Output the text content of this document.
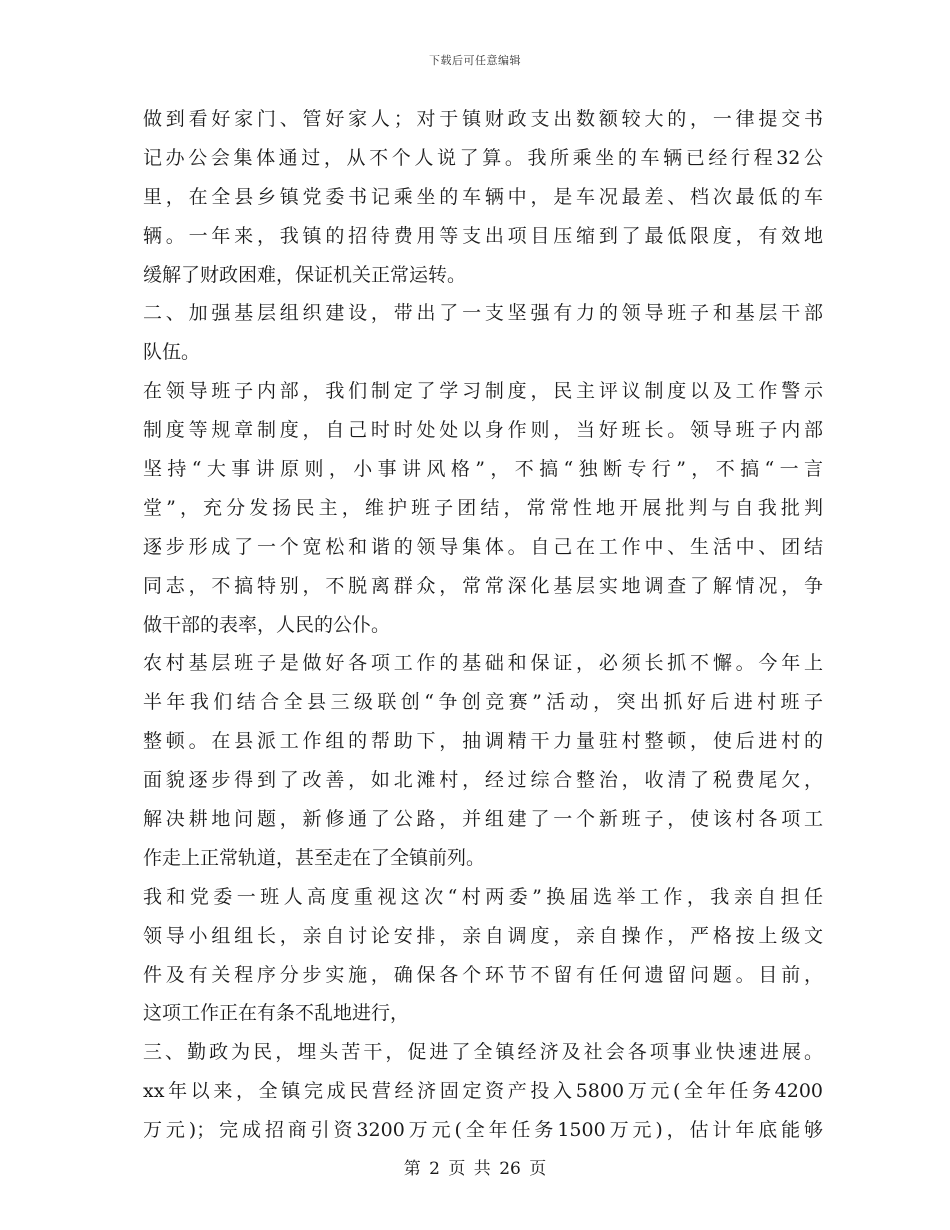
下载后可任意编辑
做到看好家门、管好家人；对于镇财政支出数额较大的，一律提交书
记办公会集体通过，从不个人说了算。我所乘坐的车辆已经行程32公
里，在全县乡镇党委书记乘坐的车辆中，是车况最差、档次最低的车
辆。一年来，我镇的招待费用等支出项目压缩到了最低限度，有效地
缓解了财政困难，保证机关正常运转。
二、加强基层组织建设，带出了一支坚强有力的领导班子和基层干部
队伍。
在领导班子内部，我们制定了学习制度，民主评议制度以及工作警示
制度等规章制度，自己时时处处以身作则，当好班长。领导班子内部
坚持“大事讲原则，小事讲风格”，不搞“独断专行”，不搞“一言
堂”，充分发扬民主，维护班子团结，常常性地开展批判与自我批判
逐步形成了一个宽松和谐的领导集体。自己在工作中、生活中、团结
同志，不搞特别，不脱离群众，常常深化基层实地调查了解情况，争
做干部的表率，人民的公仆。
农村基层班子是做好各项工作的基础和保证，必须长抓不懈。今年上
半年我们结合全县三级联创“争创竞赛”活动，突出抓好后进村班子
整顿。在县派工作组的帮助下，抽调精干力量驻村整顿，使后进村的
面貌逐步得到了改善，如北滩村，经过综合整治，收清了税费尾欠，
解决耕地问题，新修通了公路，并组建了一个新班子，使该村各项工
作走上正常轨道，甚至走在了全镇前列。
我和党委一班人高度重视这次“村两委”换届选举工作，我亲自担任
领导小组组长，亲自讨论安排，亲自调度，亲自操作，严格按上级文
件及有关程序分步实施，确保各个环节不留有任何遗留问题。目前，
这项工作正在有条不乱地进行，
三、勤政为民，埋头苦干，促进了全镇经济及社会各项事业快速进展。
xx年以来，全镇完成民营经济固定资产投入5800万元(全年任务4200
万元)；完成招商引资3200万元(全年任务1500万元)，估计年底能够
第 2 页 共 26 页
